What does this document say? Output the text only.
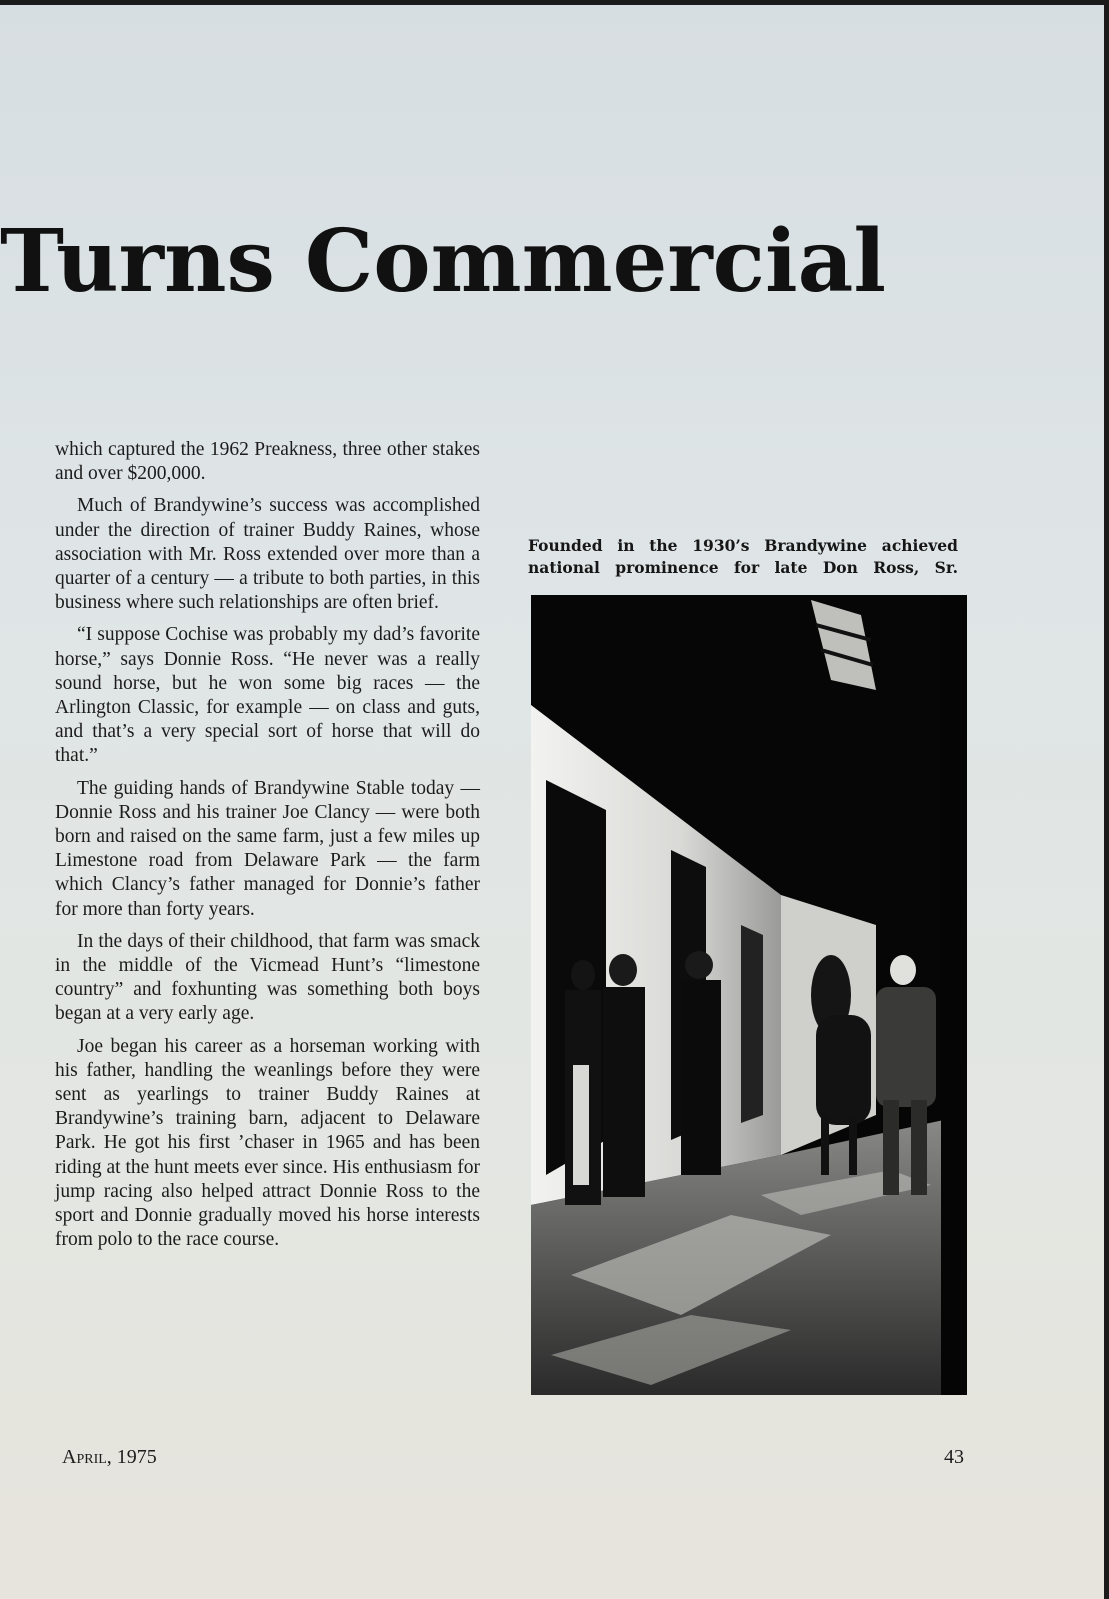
Turns Commercial

which captured the 1962 Preakness, three other stakes and over $200,000.

Much of Brandywine’s success was accomplished under the direction of trainer Buddy Raines, whose association with Mr. Ross extended over more than a quarter of a century — a tribute to both parties, in this business where such relationships are often brief.

“I suppose Cochise was probably my dad’s favorite horse,” says Donnie Ross. “He never was a really sound horse, but he won some big races — the Arlington Classic, for example — on class and guts, and that’s a very special sort of horse that will do that.”

The guiding hands of Brandywine Stable today — Donnie Ross and his trainer Joe Clancy — were both born and raised on the same farm, just a few miles up Limestone road from Delaware Park — the farm which Clancy’s father managed for Donnie’s father for more than forty years.

In the days of their childhood, that farm was smack in the middle of the Vicmead Hunt’s “limestone country” and foxhunting was something both boys began at a very early age.

Joe began his career as a horseman working with his father, handling the weanlings before they were sent as yearlings to trainer Buddy Raines at Brandywine’s training barn, adjacent to Delaware Park. He got his first ’chaser in 1965 and has been riding at the hunt meets ever since. His enthusiasm for jump racing also helped attract Donnie Ross to the sport and Donnie gradually moved his horse interests from polo to the race course.

Founded in the 1930’s Brandywine achieved national prominence for late Don Ross, Sr.

April, 1975	43
